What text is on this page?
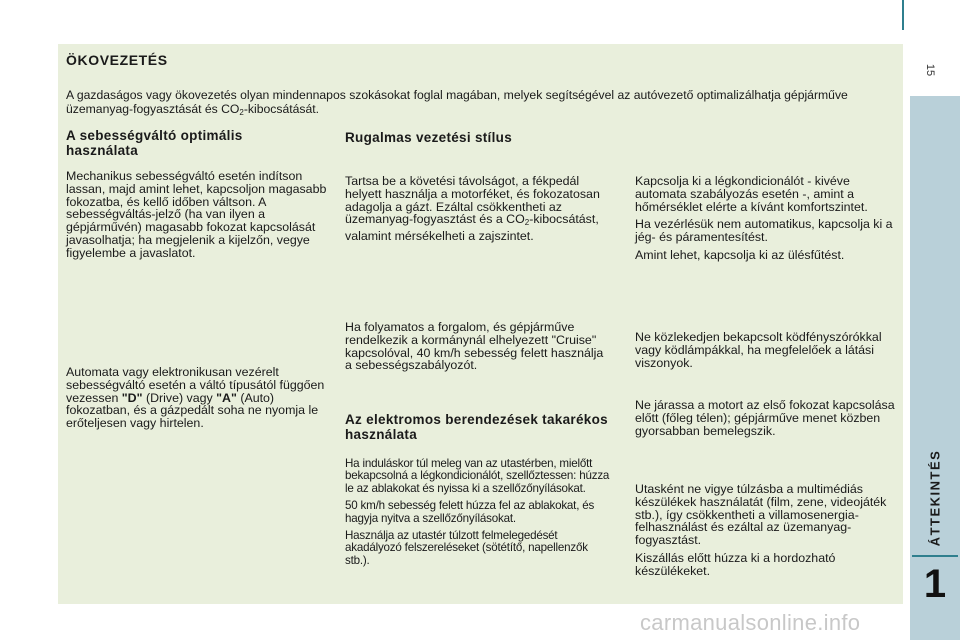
ÖKOVEZETÉS

A gazdaságos vagy ökovezetés olyan mindennapos szokásokat foglal magában, melyek segítségével az autóvezető optimalizálhatja gépjárműve üzemanyag-fogyasztását és $CO_2$-kibocsátását.

A sebességváltó optimális használata

Mechanikus sebességváltó esetén indítson lassan, majd amint lehet, kapcsoljon magasabb fokozatba, és kellő időben váltson. A sebességváltás-jelző (ha van ilyen a gépjárművén) magasabb fokozat kapcsolását javasolhatja; ha megjelenik a kijelzőn, vegye figyelembe a javaslatot.

Automata vagy elektronikusan vezérelt sebességváltó esetén a váltó típusától függően vezessen "D" (Drive) vagy "A" (Auto) fokozatban, és a gázpedált soha ne nyomja le erőteljesen vagy hirtelen.

Rugalmas vezetési stílus

Tartsa be a követési távolságot, a fékpedál helyett használja a motorféket, és fokozatosan adagolja a gázt. Ezáltal csökkentheti az üzemanyag-fogyasztást és a $CO_2$-kibocsátást, valamint mérsékelheti a zajszintet.

Ha folyamatos a forgalom, és gépjárműve rendelkezik a kormánynál elhelyezett "Cruise" kapcsolóval, 40 km/h sebesség felett használja a sebességszabályozót.

Az elektromos berendezések takarékos használata

Ha induláskor túl meleg van az utastérben, mielőtt bekapcsolná a légkondicionálót, szellőztessen: húzza le az ablakokat és nyissa ki a szellőzőnyílásokat.

50 km/h sebesség felett húzza fel az ablakokat, és hagyja nyitva a szellőzőnyílásokat.

Használja az utastér túlzott felmelegedését akadályozó felszereléseket (sötétítő, napellenzők stb.).

Kapcsolja ki a légkondicionálót - kivéve automata szabályozás esetén -, amint a hőmérséklet elérte a kívánt komfortszintet.

Ha vezérlésük nem automatikus, kapcsolja ki a jég- és páramentesítést.

Amint lehet, kapcsolja ki az ülésfűtést.

Ne közlekedjen bekapcsolt ködfényszórókkal vagy ködlámpákkal, ha megfelelőek a látási viszonyok.

Ne járassa a motort az első fokozat kapcsolása előtt (főleg télen); gépjárműve menet közben gyorsabban bemelegszik.

Utasként ne vigye túlzásba a multimédiás készülékek használatát (film, zene, videojáték stb.), így csökkentheti a villamosenergia-felhasználást és ezáltal az üzemanyag-fogyasztást.

Kiszállás előtt húzza ki a hordozható készülékeket.

15
ÁTTEKINTÉS
1
carmanualsonline.info
